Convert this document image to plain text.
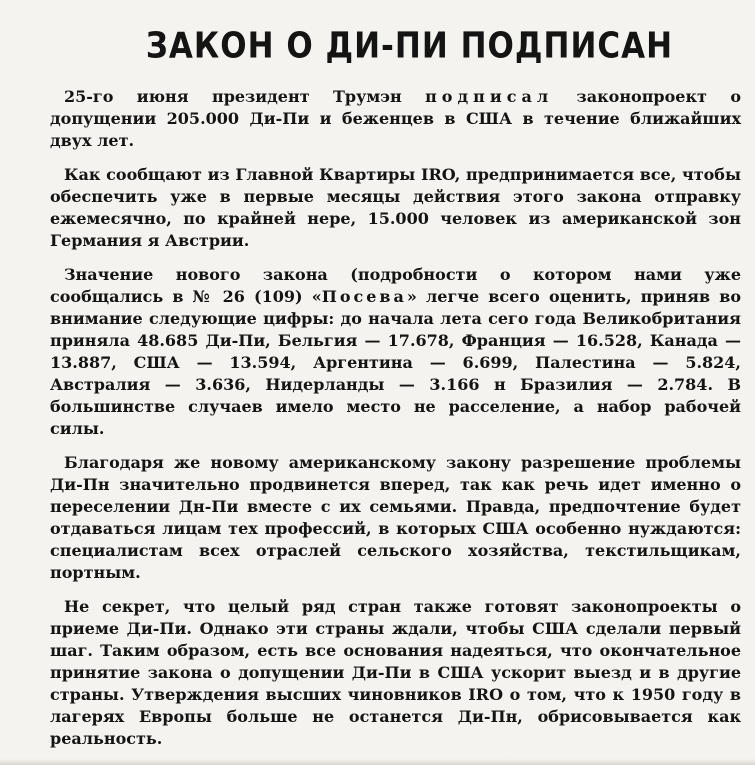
ЗАКОН О ДИ-ПИ ПОДПИСАН

25-го июня президент Трумэн подписал законопроект о допущении 205.000 Ди-Пи и беженцев в США в течение ближайших двух лет.

Как сообщают из Главной Квартиры IRO, предпринимается все, чтобы обеспечить уже в первые месяцы действия этого закона отправку ежемесячно, по крайней нере, 15.000 человек из американской зон Германия я Австрии.

Значение нового закона (подробности о котором нами уже сообщались в № 26 (109) «Посева» легче всего оценить, приняв во внимание следующие цифры: до начала лета сего года Великобритания приняла 48.685 Ди-Пи, Бельгия — 17.678, Франция — 16.528, Канада — 13.887, США — 13.594, Аргентина — 6.699, Палестина — 5.824, Австралия — 3.636, Нидерланды — 3.166 н Бразилия — 2.784. В большинстве случаев имело место не расселение, а набор рабочей силы.

Благодаря же новому американскому закону разрешение проблемы Ди-Пн значительно продвинется вперед, так как речь идет именно о переселении Дн-Пи вместе с их семьями. Правда, предпочтение будет отдаваться лицам тех профессий, в которых США особенно нуждаются: специалистам всех отраслей сельского хозяйства, текстильщикам, портным.

Не секрет, что целый ряд стран также готовят законопроекты о приеме Ди-Пи. Однако эти страны ждали, чтобы США сделали первый шаг. Таким образом, есть все основания надеяться, что окончательное принятие закона о допущении Ди-Пи в США ускорит выезд и в другие страны. Утверждения высших чиновников IRO о том, что к 1950 году в лагерях Европы больше не останется Ди-Пн, обрисовывается как реальность.
